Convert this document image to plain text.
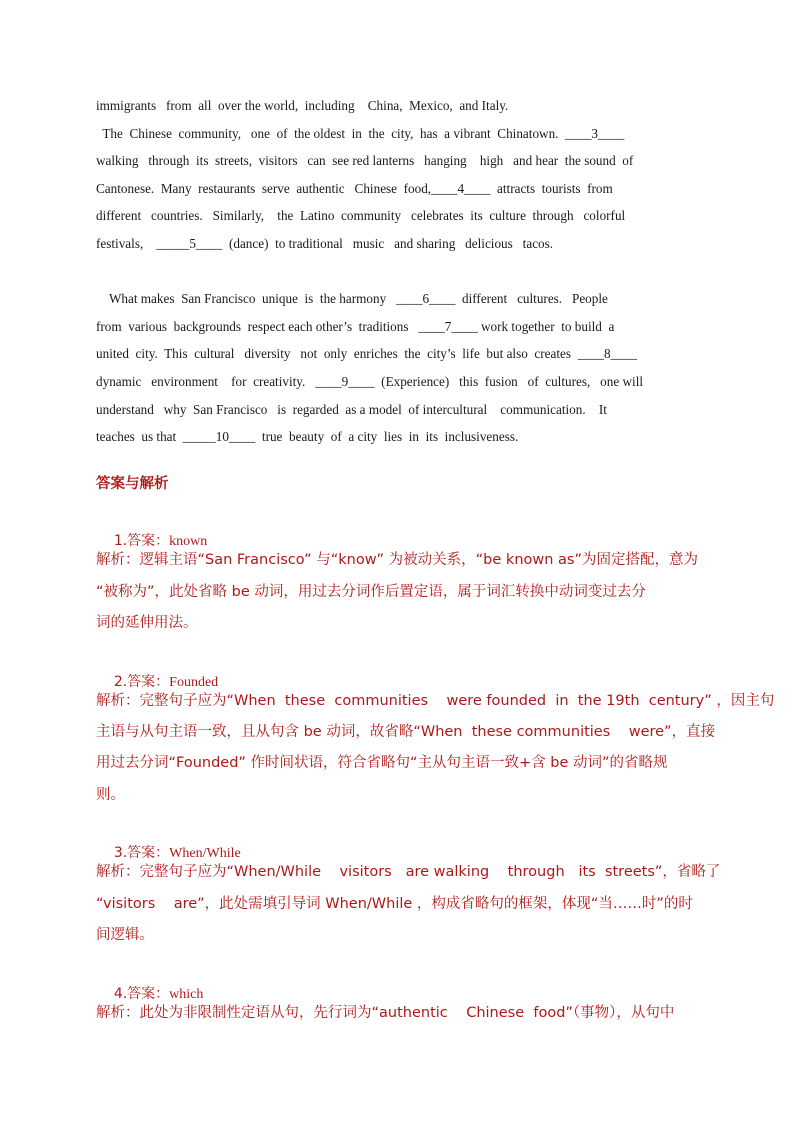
immigrants   from  all  over the world,  including    China,  Mexico,  and Italy.
The  Chinese  community,   one  of  the oldest  in  the  city,  has  a vibrant  Chinatown.  ____3____
walking   through  its  streets,  visitors   can  see red lanterns   hanging    high   and hear  the sound  of
Cantonese.  Many  restaurants  serve  authentic   Chinese  food,____4____  attracts  tourists  from
different   countries.   Similarly,    the  Latino  community   celebrates  its  culture  through   colorful
festivals,    _____5____  (dance)  to traditional   music   and sharing   delicious   tacos.
What makes  San Francisco  unique  is  the harmony   ____6____  different   cultures.   People
from  various  backgrounds  respect each other’s  traditions   ____7____ work together  to build  a
united  city.  This  cultural   diversity   not  only  enriches  the  city’s  life  but also  creates  ____8____
dynamic   environment    for  creativity.   ____9____  (Experience)   this  fusion   of  cultures,   one will
understand   why  San Francisco   is  regarded  as a model  of intercultural    communication.    It
teaches  us that  _____10____  true  beauty  of  a city  lies  in  its  inclusiveness.
答案与解析

1.答案：known

解析：逻辑主语“San Francisco” 与“know” 为被动关系，“be known as”为固定搭配，意为
“被称为”，此处省略 be 动词，用过去分词作后置定语，属于词汇转换中动词变过去分
词的延伸用法。

2.答案：Founded

解析：完整句子应为“When  these  communities    were founded  in  the 19th  century” ，因主句
主语与从句主语一致，且从句含 be 动词，故省略“When  these communities    were”，直接
用过去分词“Founded” 作时间状语，符合省略句“主从句主语一致+含 be 动词”的省略规
则。

3.答案：When/While

解析：完整句子应为“When/While    visitors   are walking    through   its  streets”，省略了
“visitors    are”，此处需填引导词 When/While ，构成省略句的框架，体现“当……时”的时
间逻辑。

4.答案：which

解析：此处为非限制性定语从句，先行词为“authentic    Chinese  food”（事物），从句中
